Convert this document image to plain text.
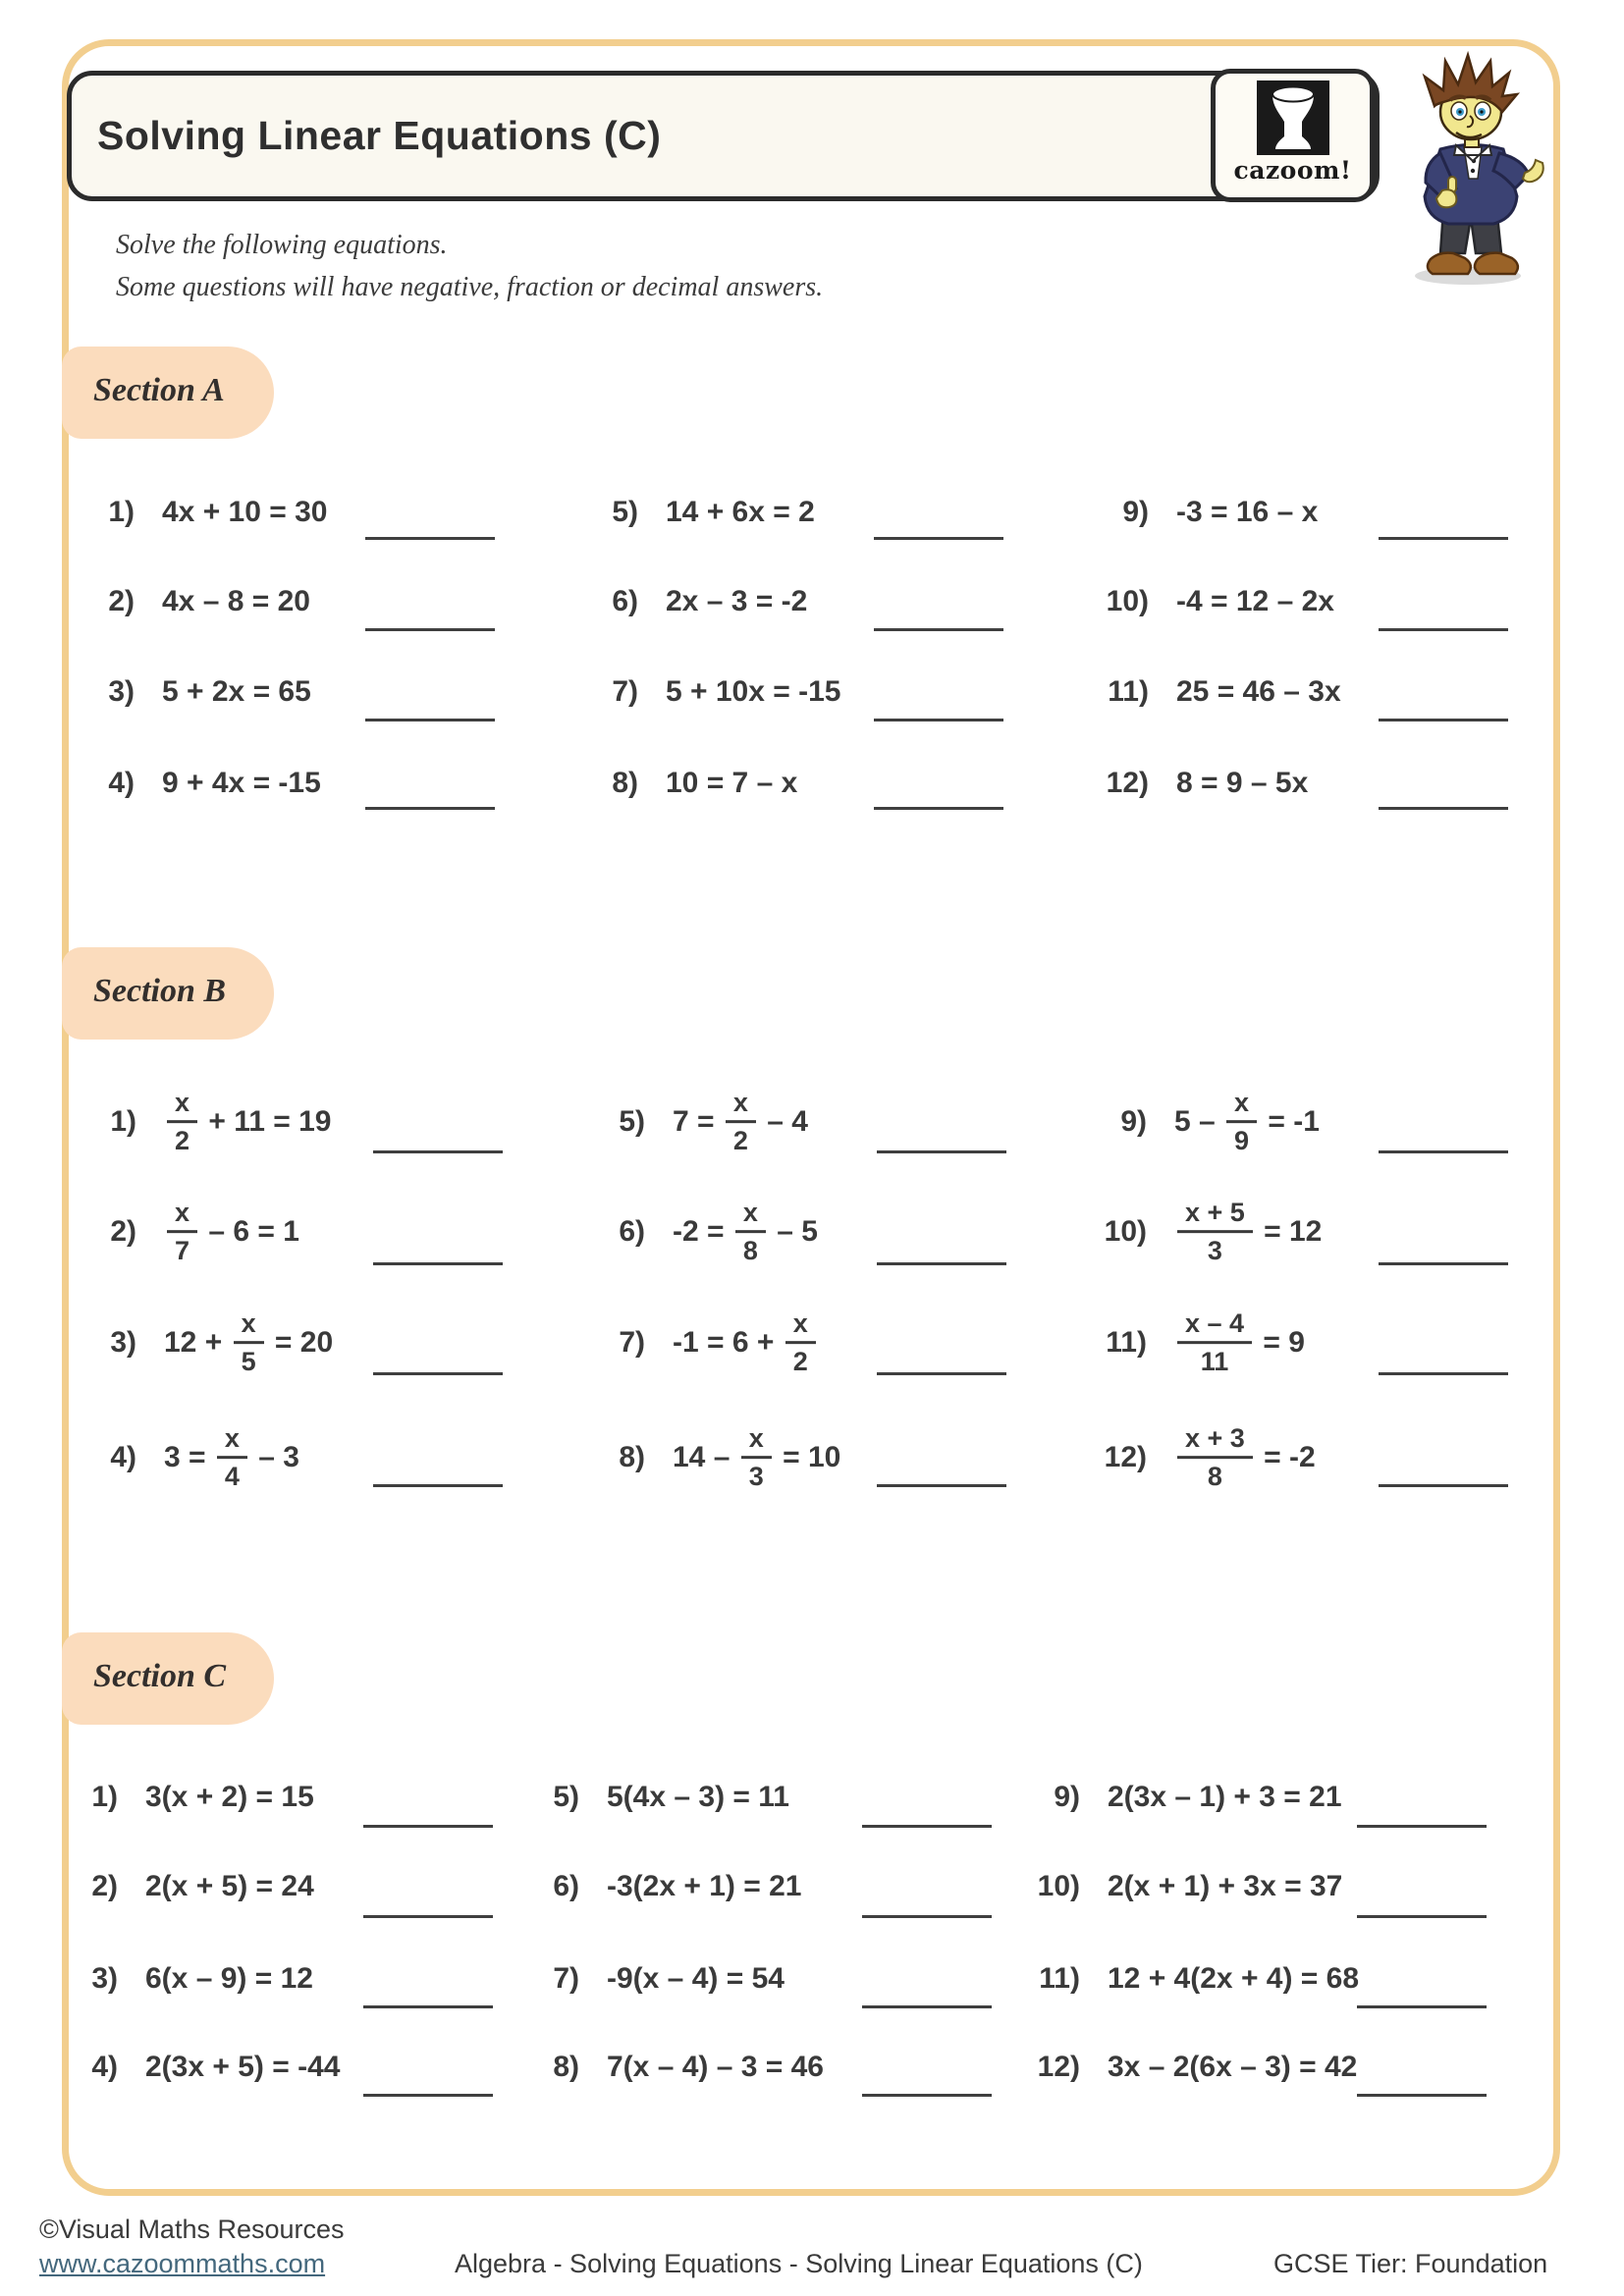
Solving Linear Equations (C)
cazoom!
Solve the following equations.
Some questions will have negative, fraction or decimal answers.
Section A
Section B
Section C
1) 4x + 10 = 30
2) 4x – 8 = 20
3) 5 + 2x = 65
4) 9 + 4x = -15
5) 14 + 6x = 2
6) 2x – 3 = -2
7) 5 + 10x = -15
8) 10 = 7 – x
9) -3 = 16 – x
10) -4 = 12 – 2x
11) 25 = 46 – 3x
12) 8 = 9 – 5x
$1) \frac{x}{2} + 11 = 19$
$2) \frac{x}{7} - 6 = 1$
3) $12 + \frac{x}{5} = 20$
4) $3 = \frac{x}{4} - 3$
5) $7 = \frac{x}{2} - 4$
6) $-2 = \frac{x}{8} - 5$
7) $-1 = 6 + \frac{x}{2}$
8) $14 - \frac{x}{3} = 10$
9) $5 - \frac{x}{9} = -1$
$10) \frac{x + 5}{3} = 12$
$11) \frac{x - 4}{11} = 9$
$12) \frac{x + 3}{8} = -2$
1) 3(x + 2) = 15
2) 2(x + 5) = 24
3) 6(x – 9) = 12
4) 2(3x + 5) = -44
5) 5(4x – 3) = 11
6) -3(2x + 1) = 21
7) -9(x – 4) = 54
8) 7(x – 4) – 3 = 46
9) 2(3x – 1) + 3 = 21
10) 2(x + 1) + 3x = 37
11) 12 + 4(2x + 4) = 68
12) 3x – 2(6x – 3) = 42
©Visual Maths Resources
www.cazoommaths.com	Algebra - Solving Equations - Solving Linear Equations (C)	GCSE Tier: Foundation
